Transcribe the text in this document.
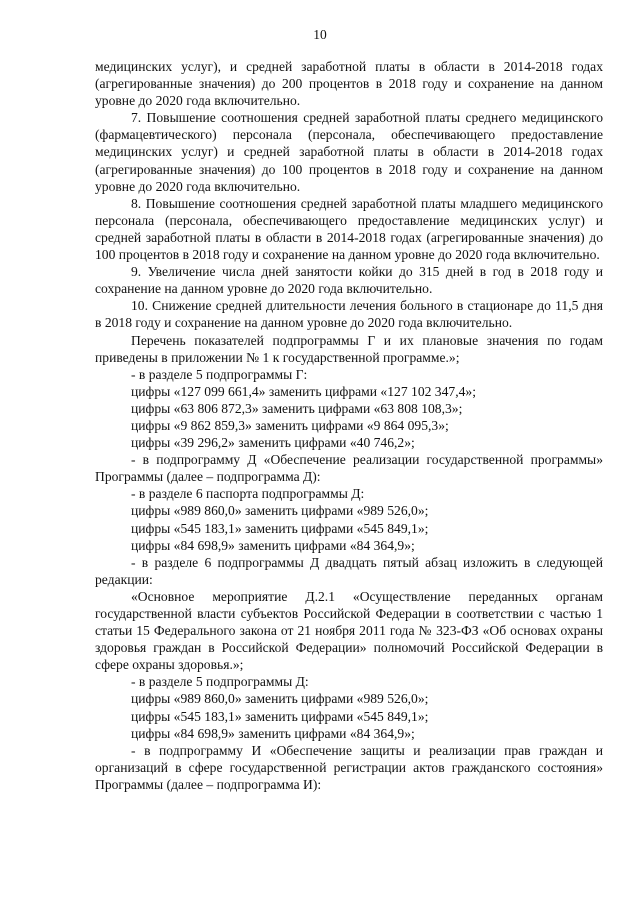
10

медицинских услуг), и средней заработной платы в области в 2014-2018 годах (агрегированные значения) до 200 процентов в 2018 году и сохранение на данном уровне до 2020 года включительно.

7. Повышение соотношения средней заработной платы среднего медицинского (фармацевтического) персонала (персонала, обеспечивающего предоставление медицинских услуг) и средней заработной платы в области в 2014-2018 годах (агрегированные значения) до 100 процентов в 2018 году и сохранение на данном уровне до 2020 года включительно.

8. Повышение соотношения средней заработной платы младшего медицинского персонала (персонала, обеспечивающего предоставление медицинских услуг) и средней заработной платы в области в 2014-2018 годах (агрегированные значения) до 100 процентов в 2018 году и сохранение на данном уровне до 2020 года включительно.

9. Увеличение числа дней занятости койки до 315 дней в год в 2018 году и сохранение на данном уровне до 2020 года включительно.

10. Снижение средней длительности лечения больного в стационаре до 11,5 дня в 2018 году и сохранение на данном уровне до 2020 года включительно.

Перечень показателей подпрограммы Г и их плановые значения по годам приведены в приложении № 1 к государственной программе.»;

- в разделе 5 подпрограммы Г:

цифры «127 099 661,4» заменить цифрами «127 102 347,4»;

цифры «63 806 872,3» заменить цифрами «63 808 108,3»;

цифры «9 862 859,3» заменить цифрами «9 864 095,3»;

цифры «39 296,2» заменить цифрами «40 746,2»;

- в подпрограмму Д «Обеспечение реализации государственной программы» Программы (далее – подпрограмма Д):

- в разделе 6 паспорта подпрограммы Д:

цифры «989 860,0» заменить цифрами «989 526,0»;

цифры «545 183,1» заменить цифрами «545 849,1»;

цифры «84 698,9» заменить цифрами «84 364,9»;

- в разделе 6 подпрограммы Д двадцать пятый абзац изложить в следующей редакции:

«Основное мероприятие Д.2.1 «Осуществление переданных органам государственной власти субъектов Российской Федерации в соответствии с частью 1 статьи 15 Федерального закона от 21 ноября 2011 года № 323-ФЗ «Об основах охраны здоровья граждан в Российской Федерации» полномочий Российской Федерации в сфере охраны здоровья.»;

- в разделе 5 подпрограммы Д:

цифры «989 860,0» заменить цифрами «989 526,0»;

цифры «545 183,1» заменить цифрами «545 849,1»;

цифры «84 698,9» заменить цифрами «84 364,9»;

- в подпрограмму И «Обеспечение защиты и реализации прав граждан и организаций в сфере государственной регистрации актов гражданского состояния» Программы (далее – подпрограмма И):
